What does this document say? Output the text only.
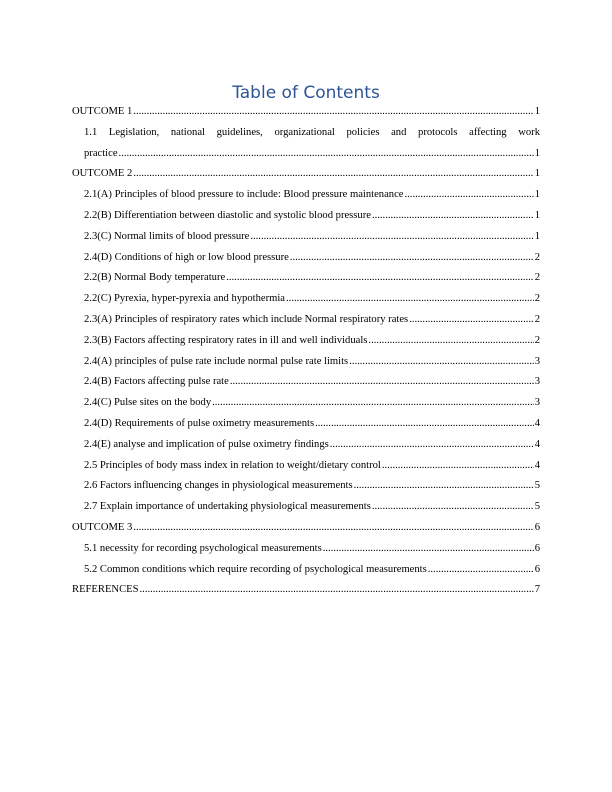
Table of Contents
OUTCOME 1 .....	1
1.1 Legislation, national guidelines, organizational policies and protocols affecting work
practice .....	1
OUTCOME 2 .....	1
2.1(A) Principles of blood pressure to include: Blood pressure maintenance .....	1
2.2(B) Differentiation between diastolic and systolic blood pressure .....	1
2.3(C) Normal limits of blood pressure .....	1
2.4(D) Conditions of high or low blood pressure .....	2
2.2(B) Normal Body temperature .....	2
2.2(C) Pyrexia, hyper-pyrexia and hypothermia .....	2
2.3(A) Principles of respiratory rates which include Normal respiratory rates .....	2
2.3(B) Factors affecting respiratory rates in ill and well individuals .....	2
2.4(A) principles of pulse rate include normal pulse rate limits .....	3
2.4(B) Factors affecting pulse rate .....	3
2.4(C) Pulse sites on the body .....	3
2.4(D) Requirements of pulse oximetry measurements .....	4
2.4(E) analyse and implication of pulse oximetry findings .....	4
2.5 Principles of body mass index in relation to weight/dietary control .....	4
2.6 Factors influencing changes in physiological measurements .....	5
2.7 Explain importance of undertaking physiological measurements .....	5
OUTCOME 3 .....	6
5.1 necessity for recording psychological measurements .....	6
5.2 Common conditions which require recording of psychological measurements .....	6
REFERENCES .....	7
